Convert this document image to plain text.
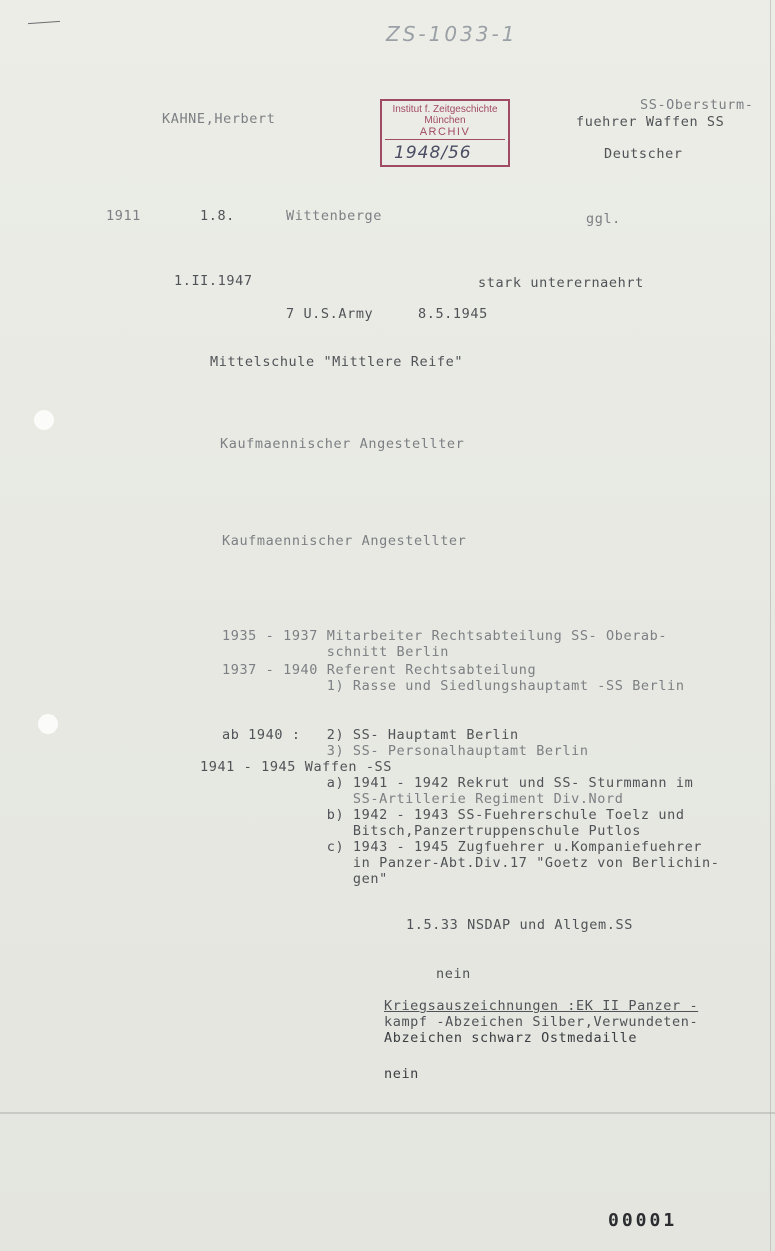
ZS-1033-1
Institut f. Zeitgeschichte
München
ARCHIV
1948/56
KAHNE,Herbert
SS-Obersturm-
fuehrer Waffen SS
Deutscher
1911	1.8.	Wittenberge	ggl.
1.II.1947	stark unterernaehrt
7 U.S.Army	8.5.1945
Mittelschule "Mittlere Reife"
Kaufmaennischer Angestellter
Kaufmaennischer Angestellter
1935 - 1937 Mitarbeiter Rechtsabteilung SS- Oberab-
schnitt Berlin
1937 - 1940 Referent Rechtsabteilung
1) Rasse und Siedlungshauptamt -SS Berlin
ab 1940 :   2) SS- Hauptamt Berlin
3) SS- Personalhauptamt Berlin
1941 - 1945 Waffen -SS
a) 1941 - 1942 Rekrut und SS- Sturmmann im
SS-Artillerie Regiment Div.Nord
b) 1942 - 1943 SS-Fuehrerschule Toelz und
Bitsch,Panzertruppenschule Putlos
c) 1943 - 1945 Zugfuehrer u.Kompaniefuehrer
in Panzer-Abt.Div.17 "Goetz von Berlichin-
gen"
1.5.33 NSDAP und Allgem.SS
nein
Kriegsauszeichnungen :EK II Panzer -
kampf -Abzeichen Silber,Verwundeten-
Abzeichen schwarz Ostmedaille
nein
00001
